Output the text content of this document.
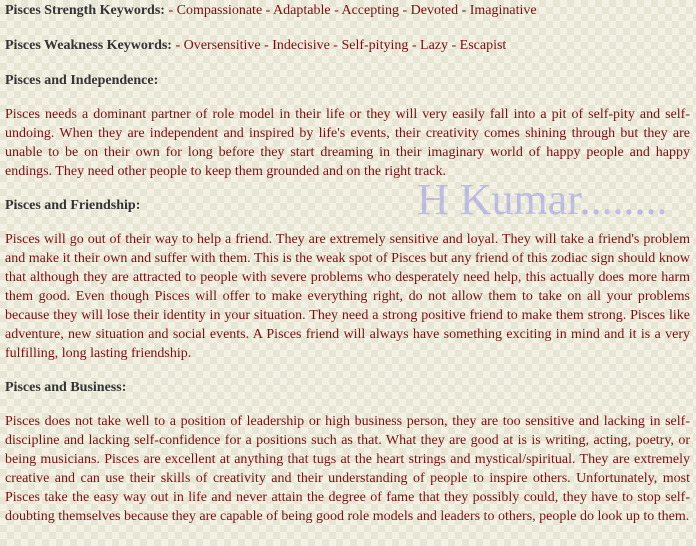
Pisces Strength Keywords: - Compassionate - Adaptable - Accepting - Devoted - Imaginative

Pisces Weakness Keywords: - Oversensitive - Indecisive - Self-pitying - Lazy - Escapist

Pisces and Independence:

Pisces needs a dominant partner of role model in their life or they will very easily fall into a pit of self-pity and self-undoing. When they are independent and inspired by life's events, their creativity comes shining through but they are unable to be on their own for long before they start dreaming in their imaginary world of happy people and happy endings. They need other people to keep them grounded and on the right track.

Pisces and Friendship:

Pisces will go out of their way to help a friend. They are extremely sensitive and loyal. They will take a friend's problem and make it their own and suffer with them. This is the weak spot of Pisces but any friend of this zodiac sign should know that although they are attracted to people with severe problems who desperately need help, this actually does more harm them good. Even though Pisces will offer to make everything right, do not allow them to take on all your problems because they will lose their identity in your situation. They need a strong positive friend to make them strong. Pisces like adventure, new situation and social events. A Pisces friend will always have something exciting in mind and it is a very fulfilling, long lasting friendship.

Pisces and Business:

Pisces does not take well to a position of leadership or high business person, they are too sensitive and lacking in self-discipline and lacking self-confidence for a positions such as that. What they are good at is is writing, acting, poetry, or being musicians. Pisces are excellent at anything that tugs at the heart strings and mystical/spiritual. They are extremely creative and can use their skills of creativity and their understanding of people to inspire others. Unfortunately, most Pisces take the easy way out in life and never attain the degree of fame that they possibly could, they have to stop self-doubting themselves because they are capable of being good role models and leaders to others, people do look up to them.

H Kumar........
